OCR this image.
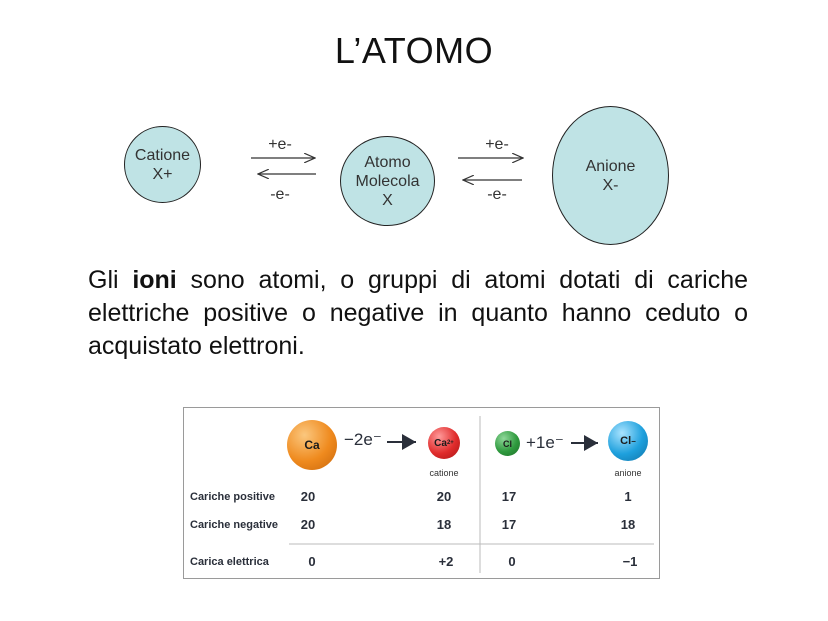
L’ATOMO
Catione
X+
Atomo
Molecola
X
Anione
X-
+e-
-e-
+e-
-e-
Gli ioni sono atomi, o gruppi di atomi dotati di cariche elettriche positive o negative in quanto hanno ceduto o acquistato elettroni.
Ca −2e⁻	Ca 2+
catione
Cl +1e⁻	Cl −
anione
Cariche positive	20	20	17	1
Cariche negative	20	18	17	18
Carica elettrica	0	+2	0	−1
